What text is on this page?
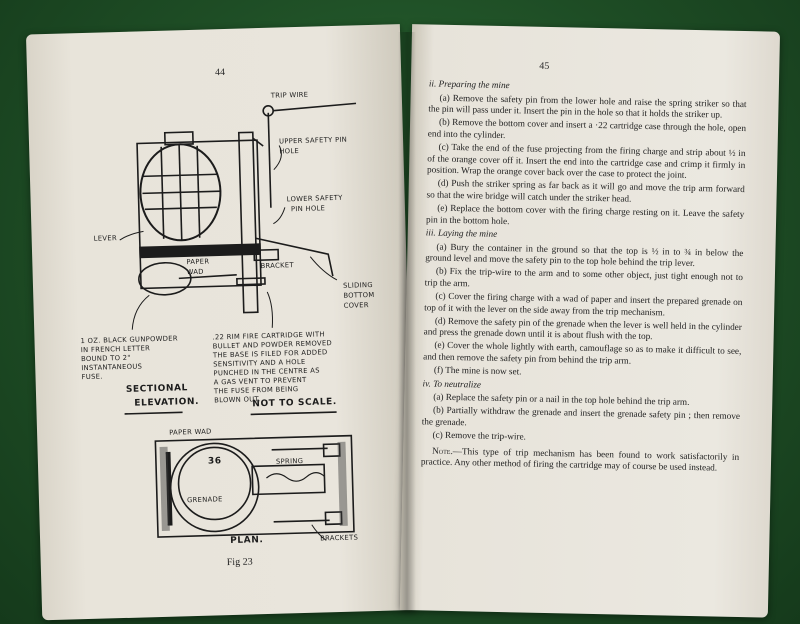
44
TRIP WIRE
UPPER SAFETY PIN
HOLE
LOWER SAFETY
PIN HOLE
LEVER
PAPER
WAD
BRACKET
SLIDING
BOTTOM
COVER
1 OZ. BLACK GUNPOWDER
IN FRENCH LETTER
BOUND TO 2"
INSTANTANEOUS
FUSE.
.22 RIM FIRE CARTRIDGE WITH
BULLET AND POWDER REMOVED
THE BASE IS FILED FOR ADDED
SENSITIVITY AND A HOLE
PUNCHED IN THE CENTRE AS
A GAS VENT TO PREVENT
THE FUSE FROM BEING
BLOWN OUT.
SECTIONAL
ELEVATION.	NOT TO SCALE.
PAPER WAD
36	SPRING
GRENADE
PLAN.	BRACKETS
Fig 23
45
ii. Preparing the mine

(a) Remove the safety pin from the lower hole and raise the spring striker so that the pin will pass under it. Insert the pin in the hole so that it holds the striker up.

(b) Remove the bottom cover and insert a ·22 cartridge case through the hole, open end into the cylinder.

(c) Take the end of the fuse projecting from the firing charge and strip about ½ in of the orange cover off it. Insert the end into the cartridge case and crimp it firmly in position. Wrap the orange cover back over the case to protect the joint.

(d) Push the striker spring as far back as it will go and move the trip arm forward so that the wire bridge will catch under the striker head.

(e) Replace the bottom cover with the firing charge resting on it. Leave the safety pin in the bottom hole.

iii. Laying the mine

(a) Bury the container in the ground so that the top is ½ in to ¾ in below the ground level and move the safety pin to the top hole behind the trip lever.

(b) Fix the trip-wire to the arm and to some other object, just tight enough not to trip the arm.

(c) Cover the firing charge with a wad of paper and insert the prepared grenade on top of it with the lever on the side away from the trip mechanism.

(d) Remove the safety pin of the grenade when the lever is well held in the cylinder and press the grenade down until it is about flush with the top.

(e) Cover the whole lightly with earth, camouflage so as to make it difficult to see, and then remove the safety pin from behind the trip arm.

(f) The mine is now set.

iv. To neutralize

(a) Replace the safety pin or a nail in the top hole behind the trip arm.

(b) Partially withdraw the grenade and insert the grenade safety pin ; then remove the grenade.

(c) Remove the trip-wire.

Note.—This type of trip mechanism has been found to work satisfactorily in practice. Any other method of firing the cartridge may of course be used instead.
